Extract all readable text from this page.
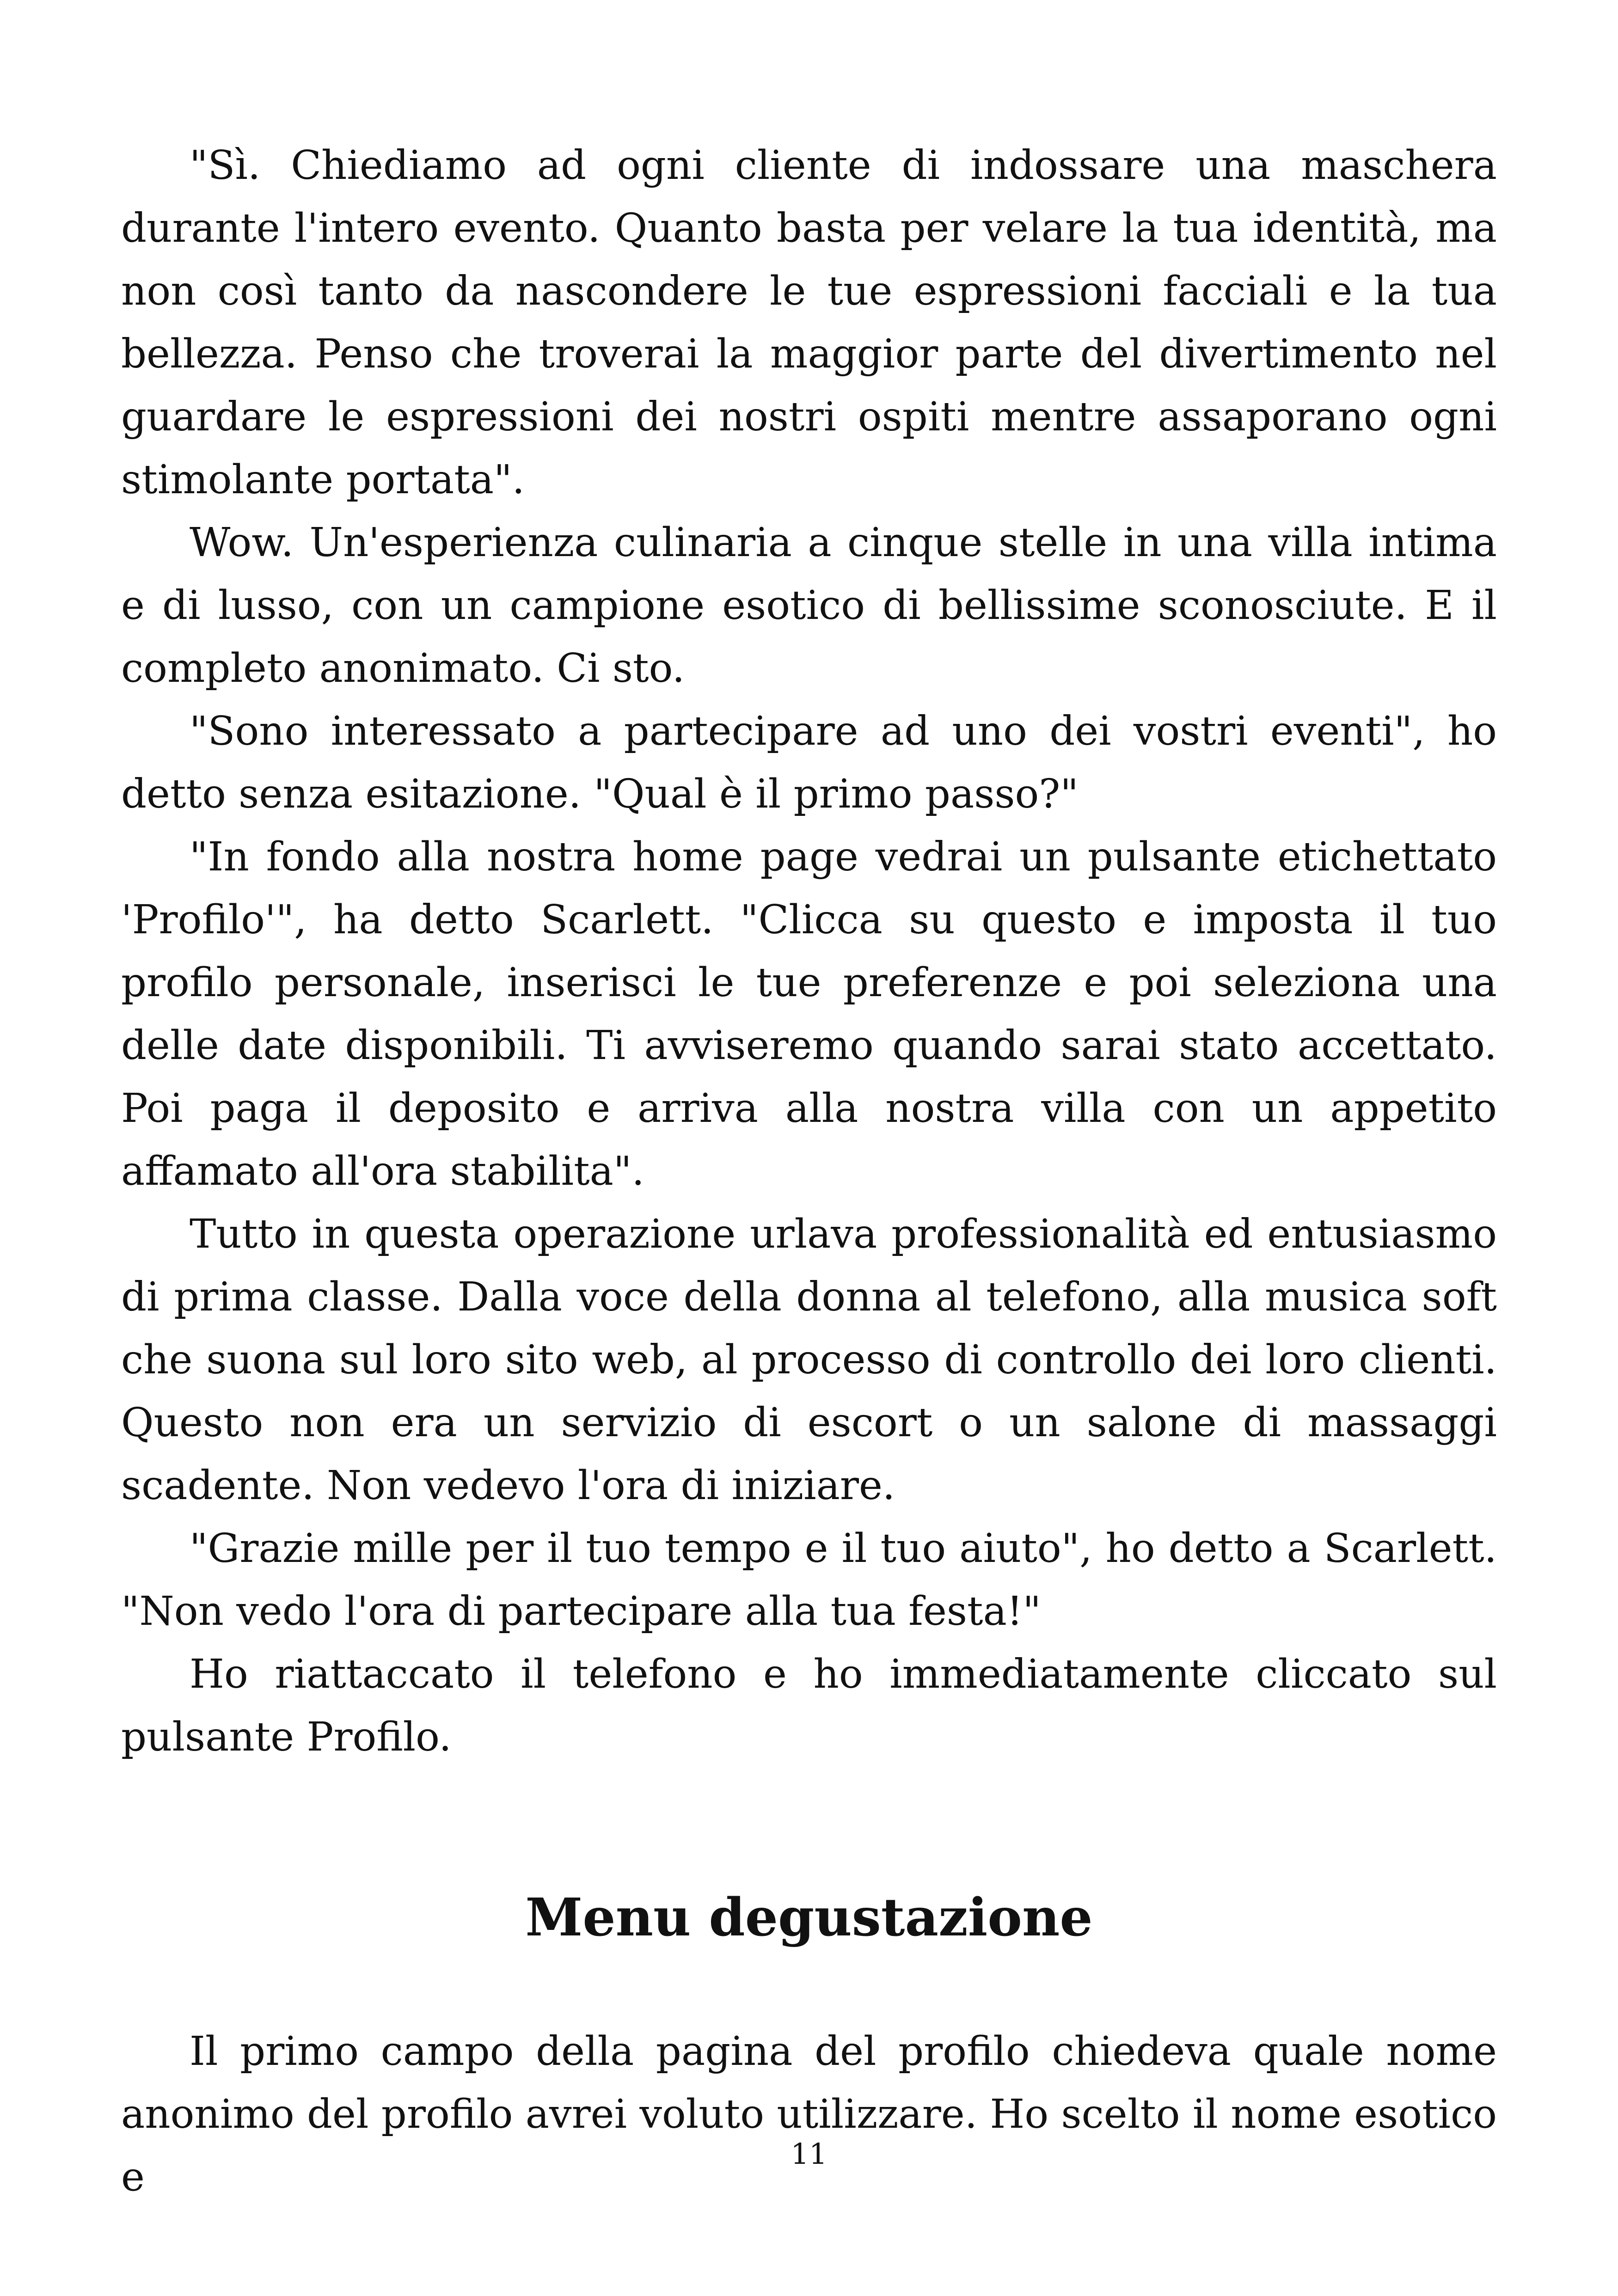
"Sì. Chiediamo ad ogni cliente di indossare una maschera durante l'intero evento. Quanto basta per velare la tua identità, ma non così tanto da nascondere le tue espressioni facciali e la tua bellezza. Penso che troverai la maggior parte del divertimento nel guardare le espressioni dei nostri ospiti mentre assaporano ogni stimolante portata".

Wow. Un'esperienza culinaria a cinque stelle in una villa intima e di lusso, con un campione esotico di bellissime sconosciute. E il completo anonimato. Ci sto.

"Sono interessato a partecipare ad uno dei vostri eventi", ho detto senza esitazione. "Qual è il primo passo?"

"In fondo alla nostra home page vedrai un pulsante etichettato 'Profilo'", ha detto Scarlett. "Clicca su questo e imposta il tuo profilo personale, inserisci le tue preferenze e poi seleziona una delle date disponibili. Ti avviseremo quando sarai stato accettato. Poi paga il deposito e arriva alla nostra villa con un appetito affamato all'ora stabilita".

Tutto in questa operazione urlava professionalità ed entusiasmo di prima classe. Dalla voce della donna al telefono, alla musica soft che suona sul loro sito web, al processo di controllo dei loro clienti. Questo non era un servizio di escort o un salone di massaggi scadente. Non vedevo l'ora di iniziare.

"Grazie mille per il tuo tempo e il tuo aiuto", ho detto a Scarlett. "Non vedo l'ora di partecipare alla tua festa!"

Ho riattaccato il telefono e ho immediatamente cliccato sul pulsante Profilo.

Menu degustazione

Il primo campo della pagina del profilo chiedeva quale nome anonimo del profilo avrei voluto utilizzare. Ho scelto il nome esotico e

11
